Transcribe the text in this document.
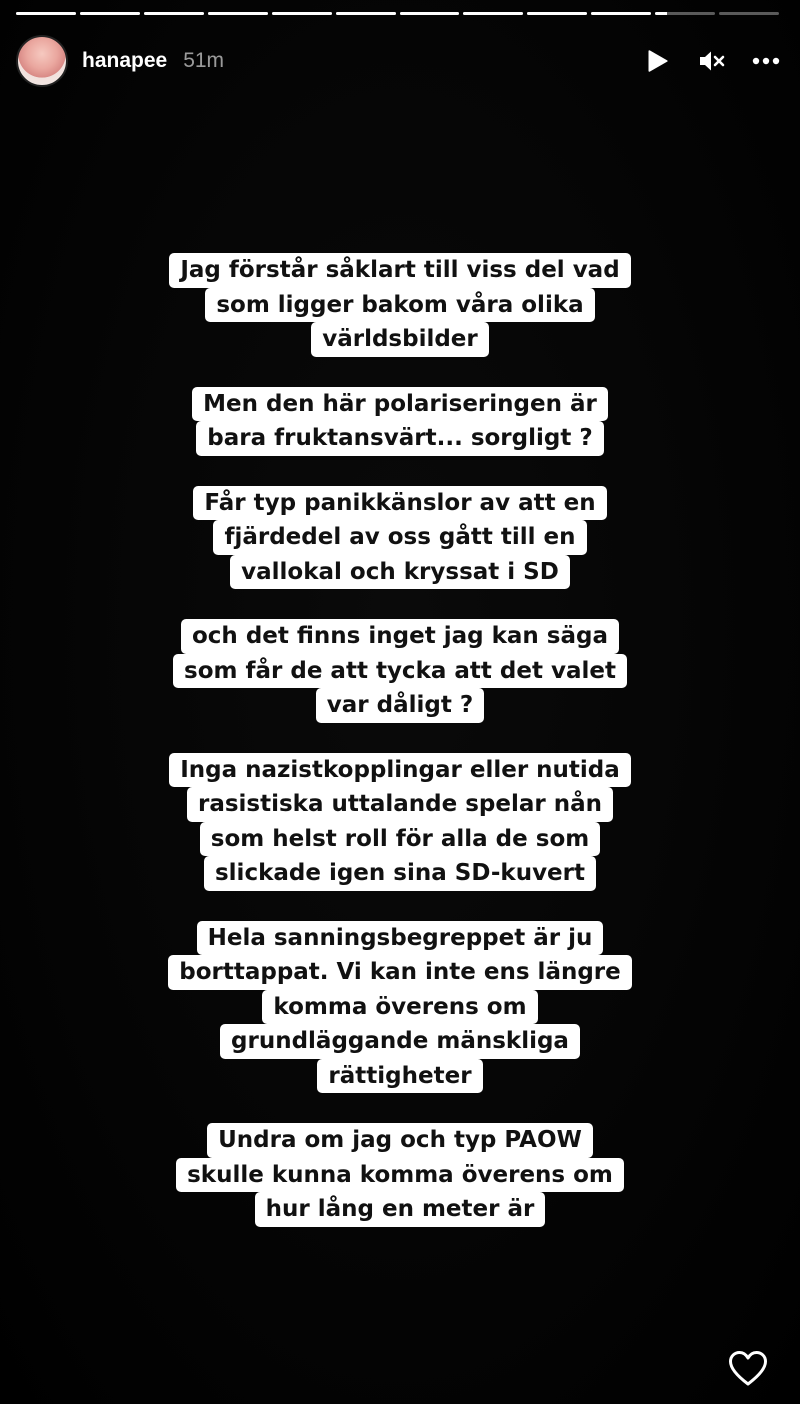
hanapee 51m
Jag förstår såklart till viss del vad
som ligger bakom våra olika
världsbilder
Men den här polariseringen är
bara fruktansvärt... sorgligt ?
Får typ panikkänslor av att en
fjärdedel av oss gått till en
vallokal och kryssat i SD
och det finns inget jag kan säga
som får de att tycka att det valet
var dåligt ?
Inga nazistkopplingar eller nutida
rasistiska uttalande spelar nån
som helst roll för alla de som
slickade igen sina SD-kuvert
Hela sanningsbegreppet är ju
borttappat. Vi kan inte ens längre
komma överens om
grundläggande mänskliga
rättigheter
Undra om jag och typ PAOW
skulle kunna komma överens om
hur lång en meter är
